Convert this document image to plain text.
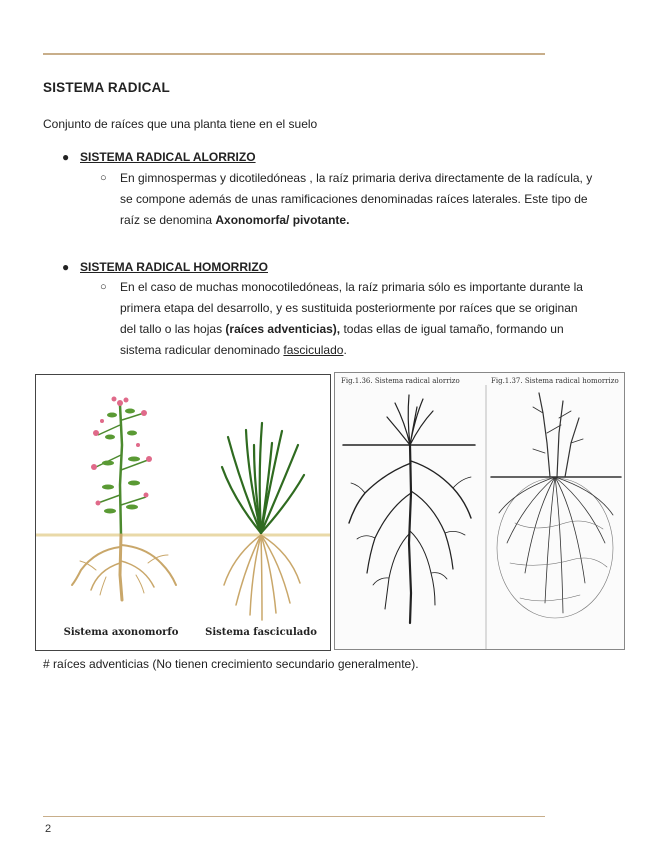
SISTEMA RADICAL
Conjunto de raíces que una planta tiene en el suelo
● SISTEMA RADICAL ALORRIZO
○ En gimnospermas y dicotiledóneas , la raíz primaria deriva directamente de la radícula, y
se compone además de unas ramificaciones denominadas raíces laterales. Este tipo de
raíz se denomina Axonomorfa/ pivotante.
● SISTEMA RADICAL HOMORRIZO
○ En el caso de muchas monocotiledóneas, la raíz primaria sólo es importante durante la
primera etapa del desarrollo, y es sustituida posteriormente por raíces que se originan
del tallo o las hojas (raíces adventicias), todas ellas de igual tamaño, formando un
sistema radicular denominado fasciculado.
Sistema axonomorfo	Sistema fasciculado
Fig.1.36. Sistema radical alorrizo	Fig.1.37. Sistema radical homorrizo
# raíces adventicias (No tienen crecimiento secundario generalmente).
2
